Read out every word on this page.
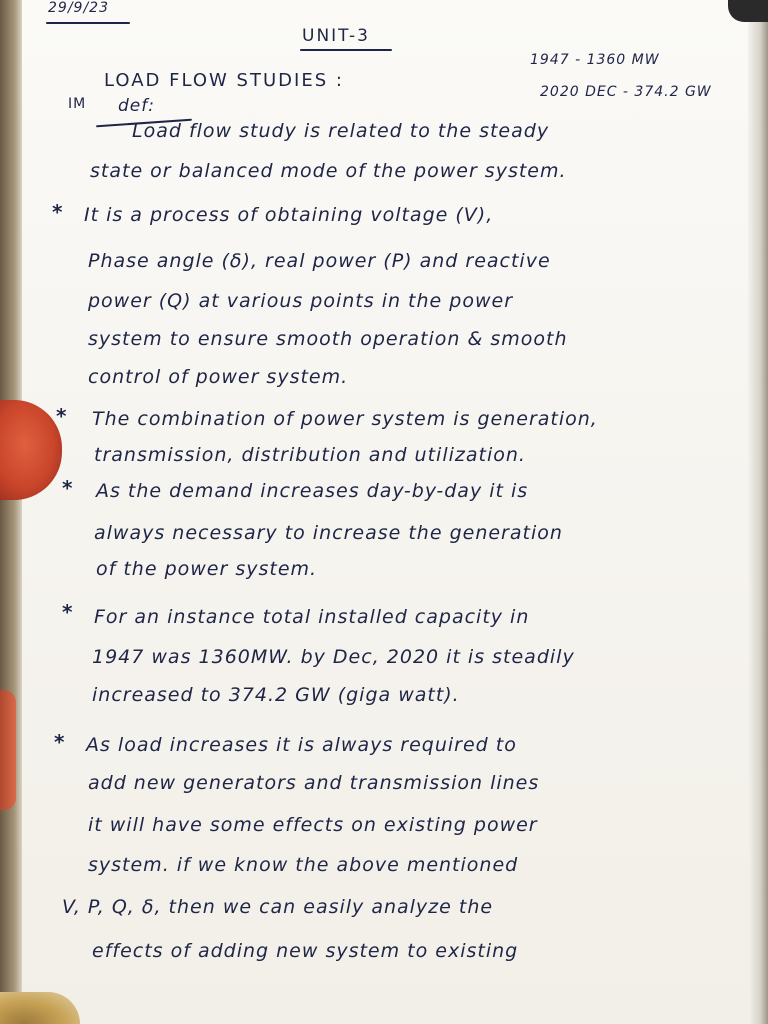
29/9/23
UNIT-3
1947 - 1360 MW
2020 DEC - 374.2 GW
LOAD FLOW STUDIES :
IM def:
Load flow study is related to the steady
state or balanced mode of the power system.
* It is a process of obtaining voltage (V),
Phase angle (δ), real power (P) and reactive
power (Q) at various points in the power
system to ensure smooth operation & smooth
control of power system.
* The combination of power system is generation,
transmission, distribution and utilization.
* As the demand increases day-by-day it is
always necessary to increase the generation
of the power system.
* For an instance total installed capacity in
1947 was 1360MW. by Dec, 2020 it is steadily
increased to 374.2 GW (giga watt).
* As load increases it is always required to
add new generators and transmission lines
it will have some effects on existing power
system. if we know the above mentioned
V, P, Q, δ, then we can easily analyze the
effects of adding new system to existing
